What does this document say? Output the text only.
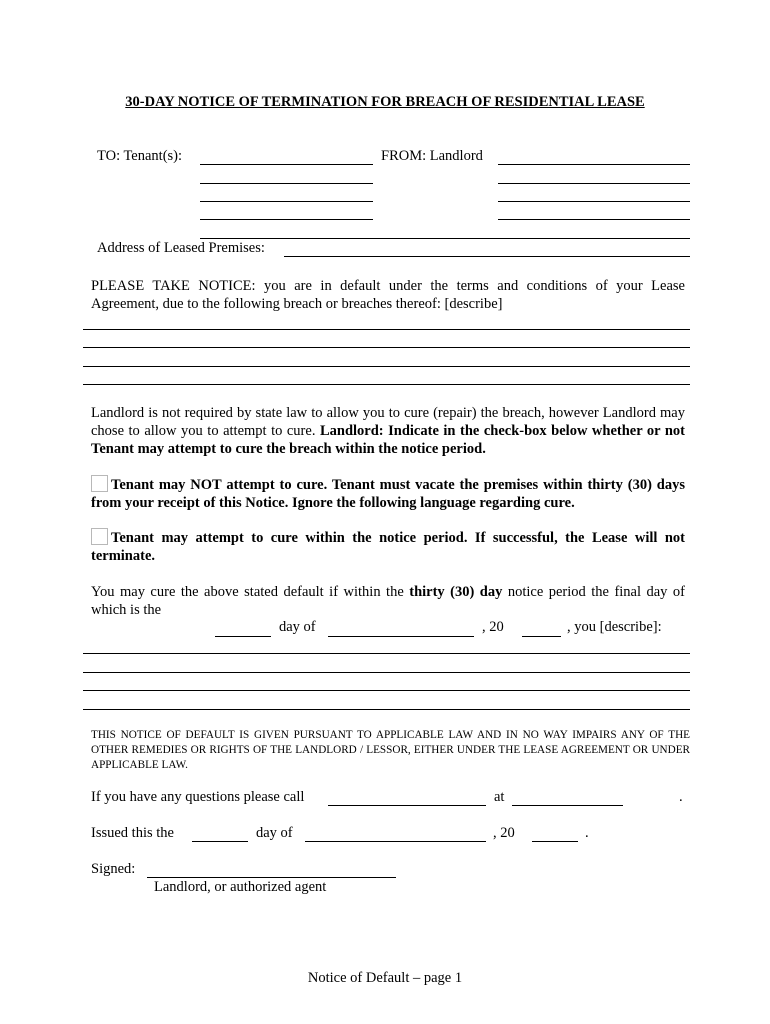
30-DAY NOTICE OF TERMINATION FOR BREACH OF RESIDENTIAL LEASE
TO: Tenant(s):	FROM: Landlord
Address of Leased Premises:
PLEASE TAKE NOTICE: you are in default under the terms and conditions of your Lease Agreement, due to the following breach or breaches thereof: [describe]
Landlord is not required by state law to allow you to cure (repair) the breach, however Landlord may chose to allow you to attempt to cure. Landlord: Indicate in the check-box below whether or not Tenant may attempt to cure the breach within the notice period.
Tenant may NOT attempt to cure. Tenant must vacate the premises within thirty (30) days from your receipt of this Notice. Ignore the following language regarding cure.
Tenant may attempt to cure within the notice period. If successful, the Lease will not terminate.
You may cure the above stated default if within the thirty (30) day notice period the final day of which is the
day of	, 20	, you [describe]:
THIS NOTICE OF DEFAULT IS GIVEN PURSUANT TO APPLICABLE LAW AND IN NO WAY IMPAIRS ANY OF THE OTHER REMEDIES OR RIGHTS OF THE LANDLORD / LESSOR, EITHER UNDER THE LEASE AGREEMENT OR UNDER APPLICABLE LAW.
If you have any questions please call	at	.
Issued this the	day of	, 20	.
Signed:
Landlord, or authorized agent
Notice of Default – page 1
